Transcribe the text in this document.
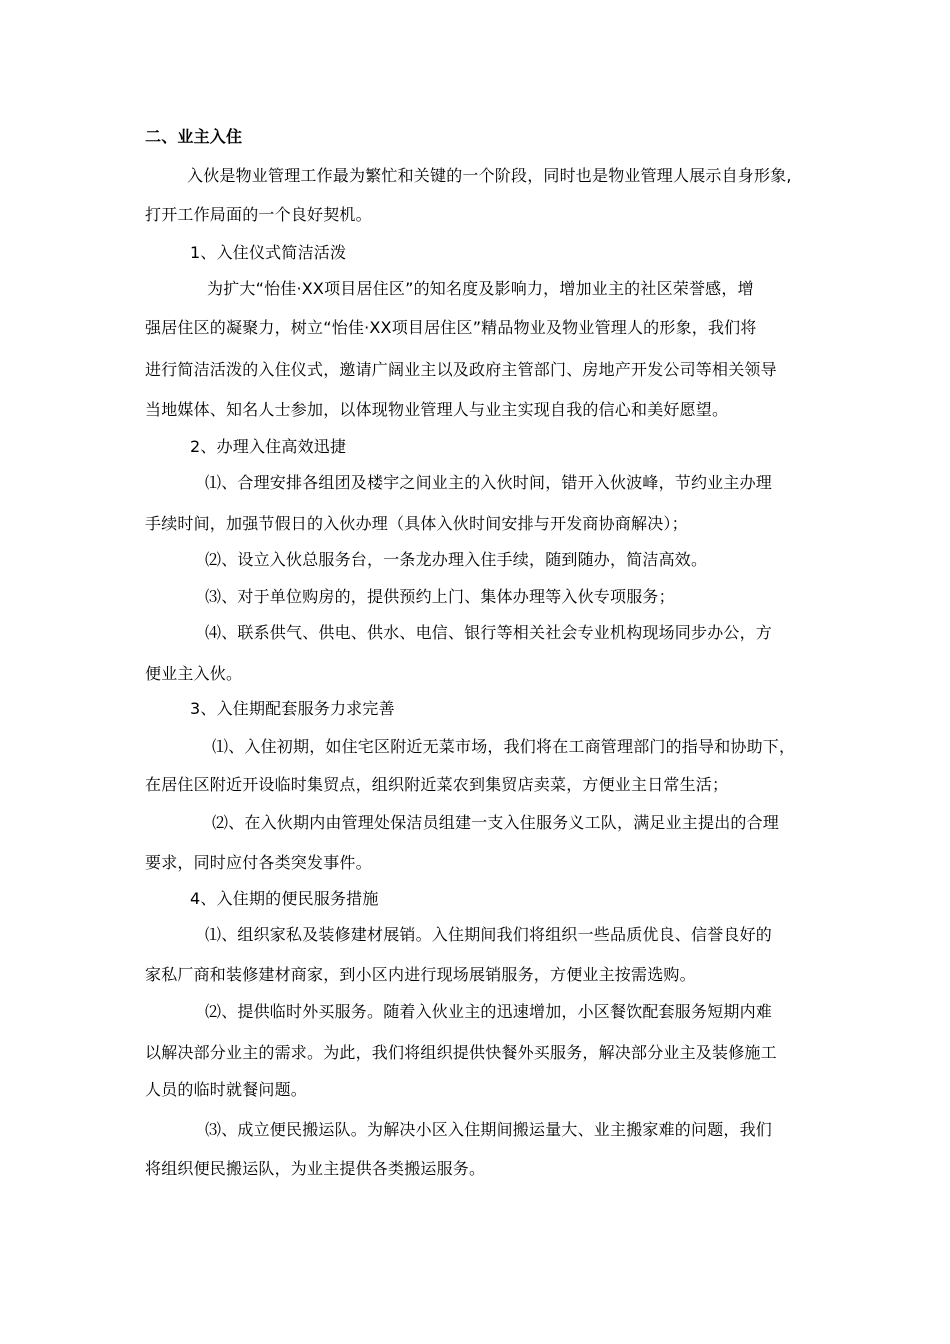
二、业主入住
入伙是物业管理工作最为繁忙和关键的一个阶段，同时也是物业管理人展示自身形象,
打开工作局面的一个良好契机。
1、入住仪式简洁活泼
为扩大“怡佳·XX项目居住区”的知名度及影响力，增加业主的社区荣誉感，增
强居住区的凝聚力，树立“怡佳·XX项目居住区”精品物业及物业管理人的形象，我们将
进行简洁活泼的入住仪式，邀请广阔业主以及政府主管部门、房地产开发公司等相关领导
当地媒体、知名人士参加，以体现物业管理人与业主实现自我的信心和美好愿望。
2、办理入住高效迅捷
⑴、合理安排各组团及楼宇之间业主的入伙时间，错开入伙波峰，节约业主办理
手续时间，加强节假日的入伙办理（具体入伙时间安排与开发商协商解决）；
⑵、设立入伙总服务台，一条龙办理入住手续，随到随办，简洁高效。
⑶、对于单位购房的，提供预约上门、集体办理等入伙专项服务；
⑷、联系供气、供电、供水、电信、银行等相关社会专业机构现场同步办公，方
便业主入伙。
3、入住期配套服务力求完善
⑴、入住初期，如住宅区附近无菜市场，我们将在工商管理部门的指导和协助下，
在居住区附近开设临时集贸点，组织附近菜农到集贸店卖菜，方便业主日常生活；
⑵、在入伙期内由管理处保洁员组建一支入住服务义工队，满足业主提出的合理
要求，同时应付各类突发事件。
4、入住期的便民服务措施
⑴、组织家私及装修建材展销。入住期间我们将组织一些品质优良、信誉良好的
家私厂商和装修建材商家，到小区内进行现场展销服务，方便业主按需选购。
⑵、提供临时外买服务。随着入伙业主的迅速增加，小区餐饮配套服务短期内难
以解决部分业主的需求。为此，我们将组织提供快餐外买服务，解决部分业主及装修施工
人员的临时就餐问题。
⑶、成立便民搬运队。为解决小区入住期间搬运量大、业主搬家难的问题，我们
将组织便民搬运队，为业主提供各类搬运服务。
